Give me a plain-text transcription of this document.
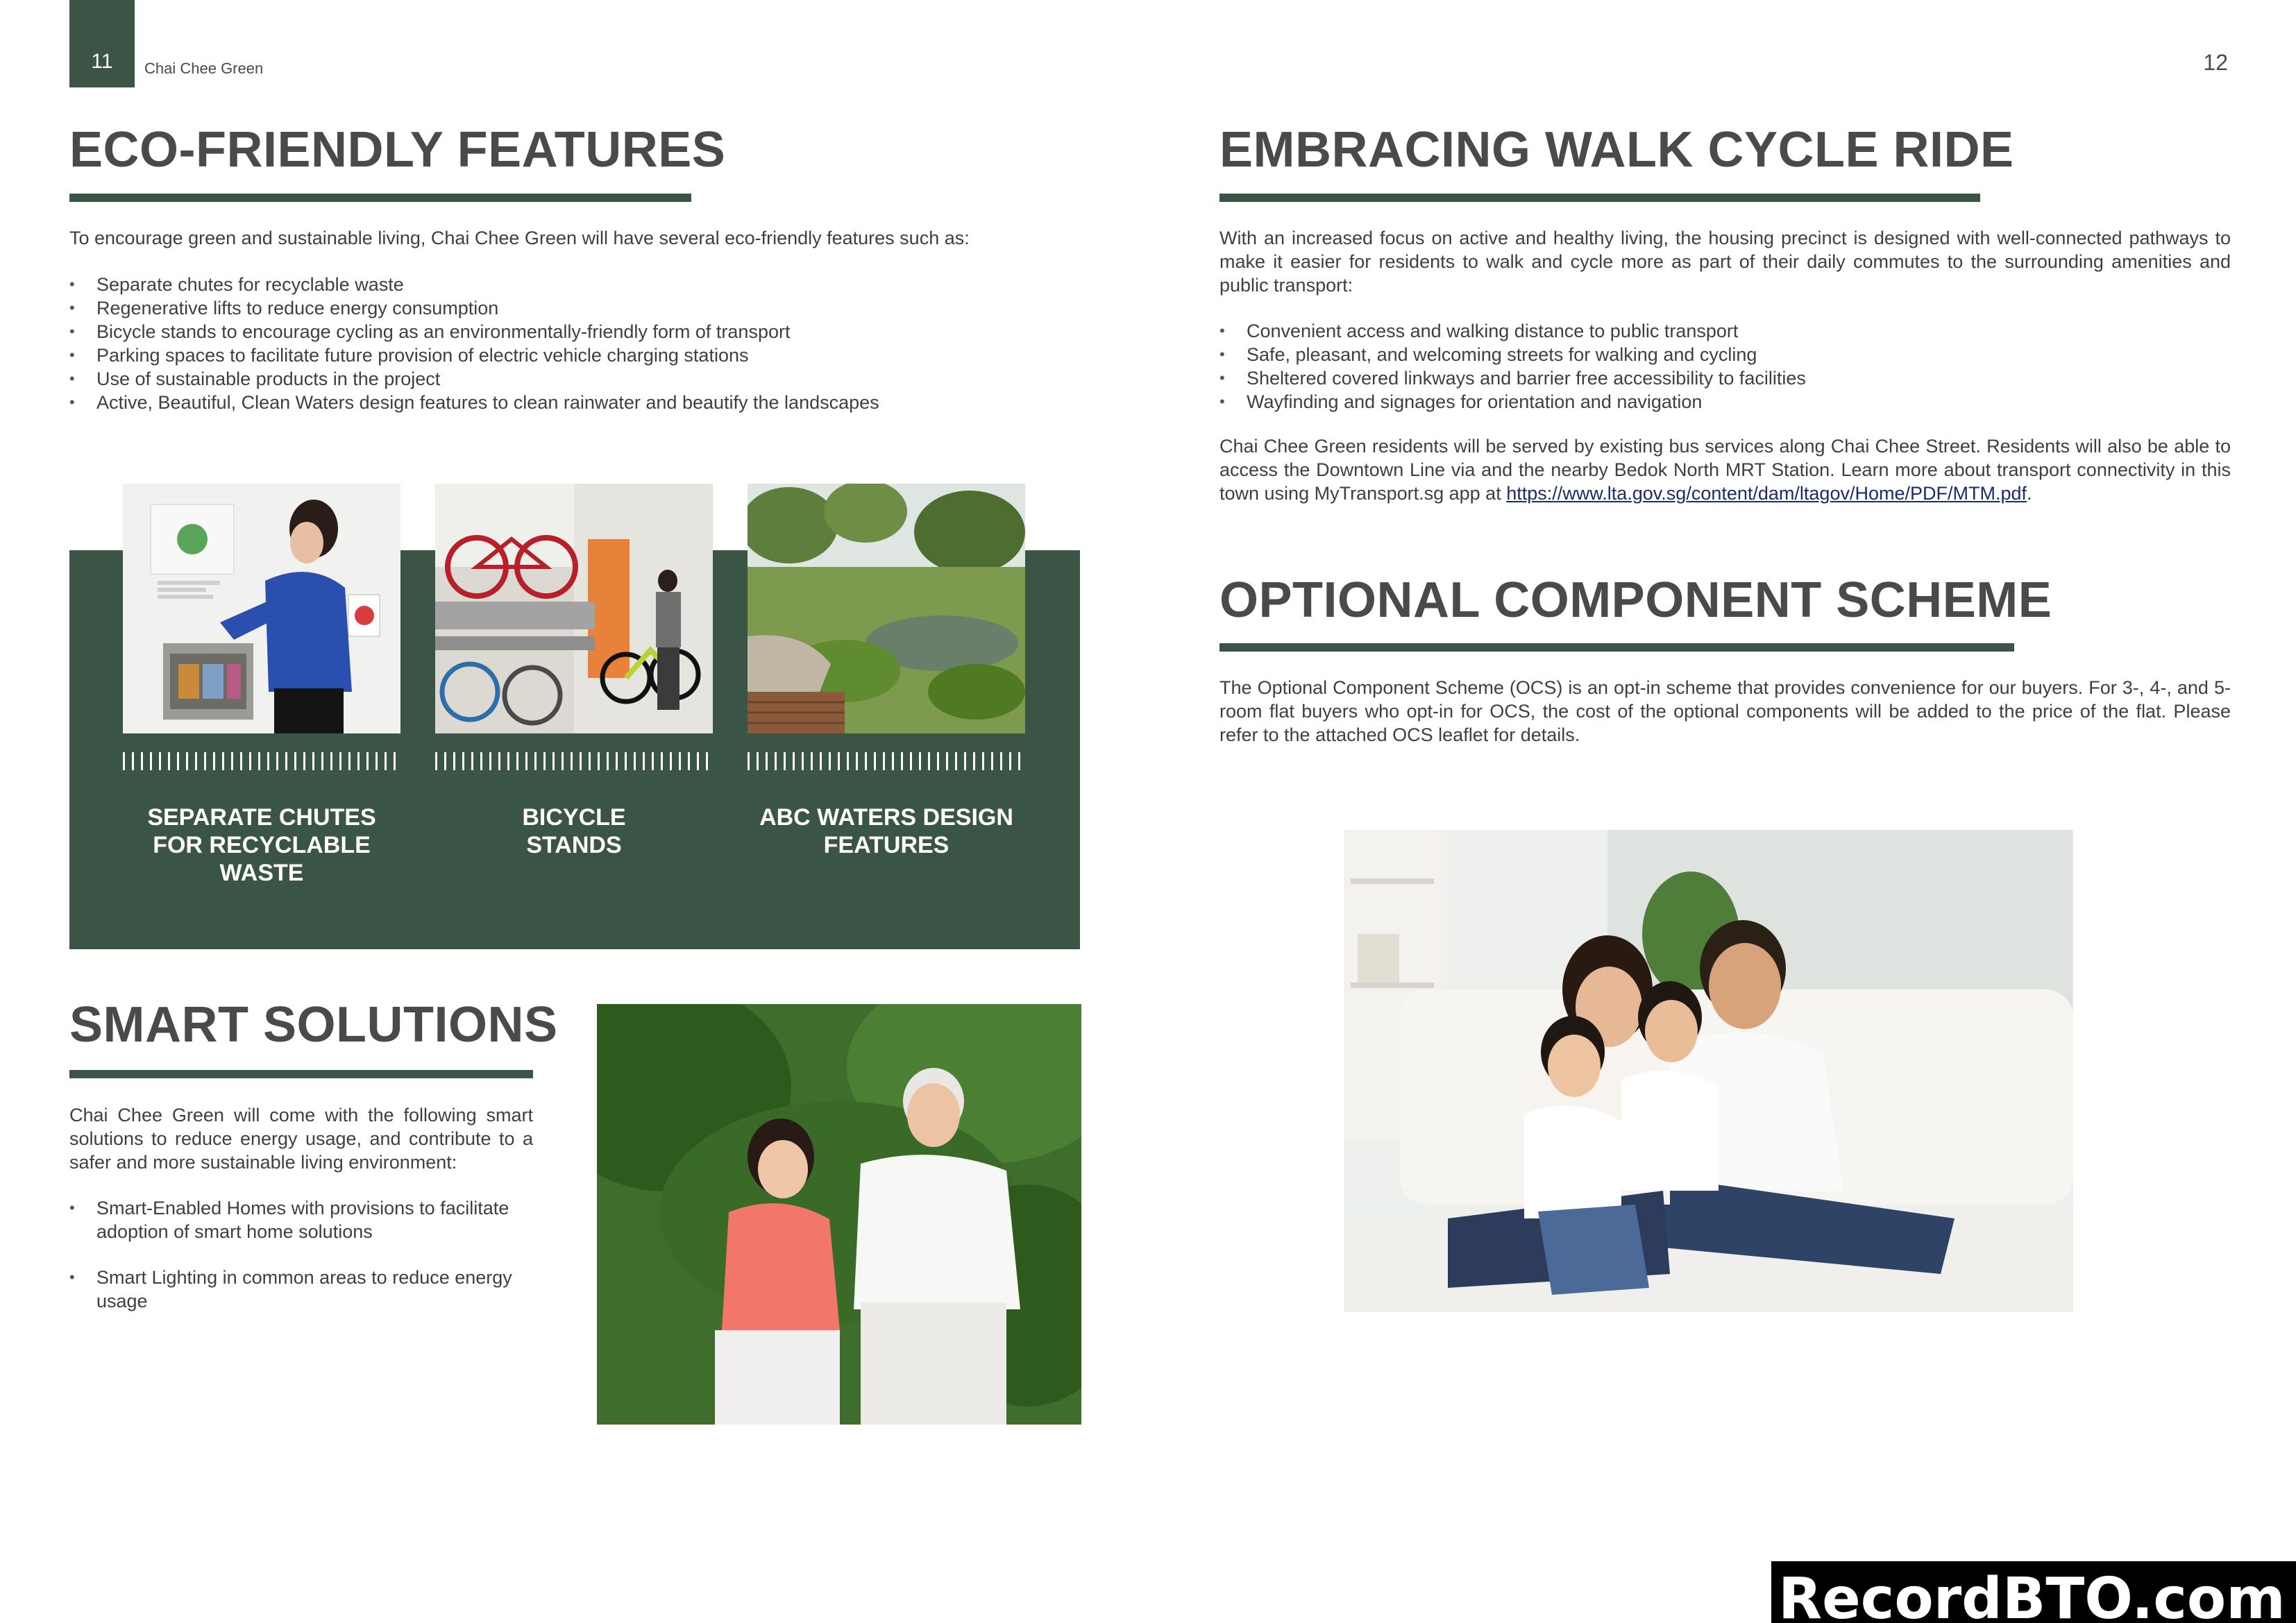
11	Chai Chee Green	12
ECO-FRIENDLY FEATURES

To encourage green and sustainable living, Chai Chee Green will have several eco-friendly features such as:

• Separate chutes for recyclable waste
• Regenerative lifts to reduce energy consumption
• Bicycle stands to encourage cycling as an environmentally-friendly form of transport
• Parking spaces to facilitate future provision of electric vehicle charging stations
• Use of sustainable products in the project
• Active, Beautiful, Clean Waters design features to clean rainwater and beautify the landscapes
SEPARATE CHUTES
FOR RECYCLABLE
WASTE
BICYCLE
STANDS
ABC WATERS DESIGN
FEATURES
SMART SOLUTIONS

Chai Chee Green will come with the following smart solutions to reduce energy usage, and contribute to a safer and more sustainable living environment:

• Smart-Enabled Homes with provisions to facilitate adoption of smart home solutions
• Smart Lighting in common areas to reduce energy usage
EMBRACING WALK CYCLE RIDE

With an increased focus on active and healthy living, the housing precinct is designed with well-connected pathways to make it easier for residents to walk and cycle more as part of their daily commutes to the surrounding amenities and public transport:

• Convenient access and walking distance to public transport
• Safe, pleasant, and welcoming streets for walking and cycling
• Sheltered covered linkways and barrier free accessibility to facilities
• Wayfinding and signages for orientation and navigation

Chai Chee Green residents will be served by existing bus services along Chai Chee Street. Residents will also be able to access the Downtown Line via and the nearby Bedok North MRT Station. Learn more about transport connectivity in this town using MyTransport.sg app at https://www.lta.gov.sg/content/dam/ltagov/Home/PDF/MTM.pdf.

OPTIONAL COMPONENT SCHEME

The Optional Component Scheme (OCS) is an opt-in scheme that provides convenience for our buyers. For 3-, 4-, and 5-room flat buyers who opt-in for OCS, the cost of the optional components will be added to the price of the flat. Please refer to the attached OCS leaflet for details.

RecordBTO.com
